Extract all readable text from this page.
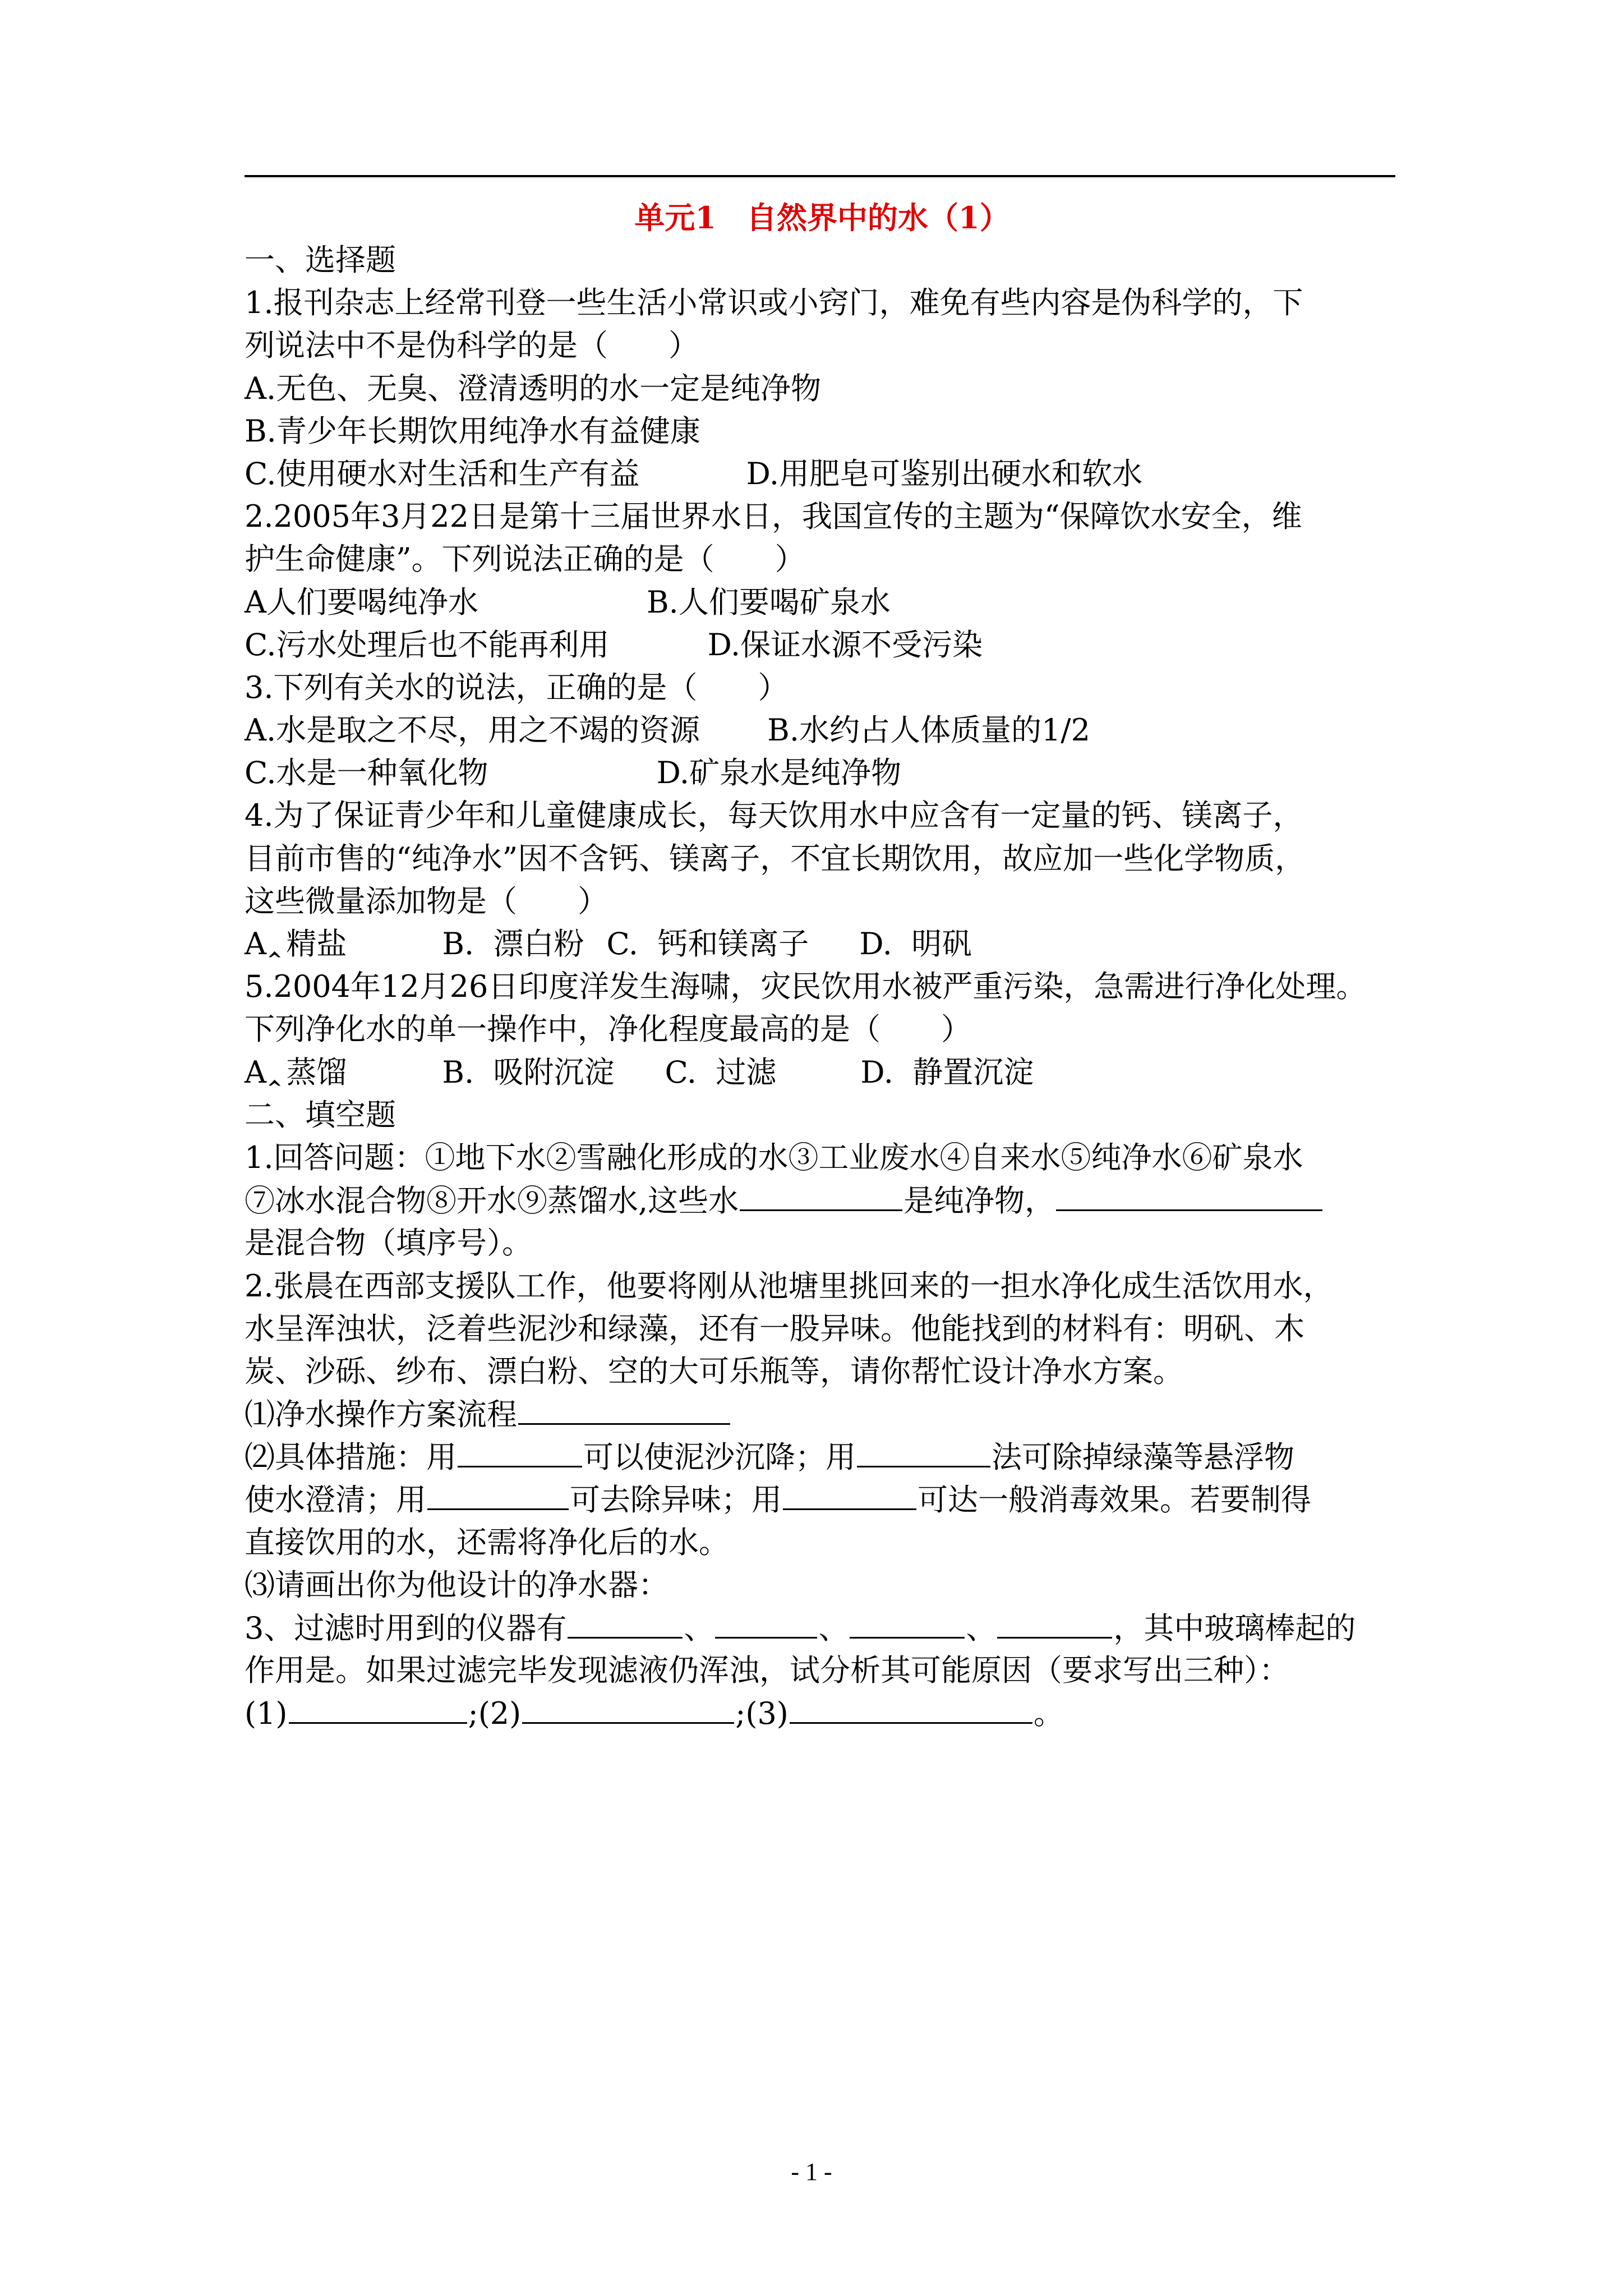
单元1　自然界中的水（1）
一、选择题
1.报刊杂志上经常刊登一些生活小常识或小窍门，难免有些内容是伪科学的，下
列说法中不是伪科学的是（　　）
A.无色、无臭、澄清透明的水一定是纯净物
B.青少年长期饮用纯净水有益健康
C.使用硬水对生活和生产有益	D.用肥皂可鉴别出硬水和软水
2.2005年3月22日是第十三届世界水日，我国宣传的主题为“保障饮水安全，维
护生命健康”。下列说法正确的是（　　）
A人们要喝纯净水	B.人们要喝矿泉水
C.污水处理后也不能再利用	D.保证水源不受污染
3.下列有关水的说法，正确的是（　　）
A.水是取之不尽，用之不竭的资源 B.水约占人体质量的1/2
C.水是一种氧化物	D.矿泉水是纯净物
4.为了保证青少年和儿童健康成长，每天饮用水中应含有一定量的钙、镁离子，
目前市售的“纯净水”因不含钙、镁离子，不宜长期饮用，故应加一些化学物质，
这些微量添加物是（　　）
A‸ 精盐	B.  漂白粉 C.  钙和镁离子 D.  明矾
5.2004年12月26日印度洋发生海啸，灾民饮用水被严重污染，急需进行净化处理。
下列净化水的单一操作中，净化程度最高的是（　　）
A‸ 蒸馏	B.  吸附沉淀 C.  过滤	D.  静置沉淀
二、填空题
1.回答问题：①地下水②雪融化形成的水③工业废水④自来水⑤纯净水⑥矿泉水
⑦冰水混合物⑧开水⑨蒸馏水,这些水	是纯净物，
是混合物（填序号）。
2.张晨在西部支援队工作，他要将刚从池塘里挑回来的一担水净化成生活饮用水，
水呈浑浊状，泛着些泥沙和绿藻，还有一股异味。他能找到的材料有：明矾、木
炭、沙砾、纱布、漂白粉、空的大可乐瓶等，请你帮忙设计净水方案。
⑴净水操作方案流程
⑵具体措施：用	可以使泥沙沉降；用	法可除掉绿藻等悬浮物
使水澄清；用	可去除异味；用	可达一般消毒效果。若要制得
直接饮用的水，还需将净化后的水。
⑶请画出你为他设计的净水器：
3、过滤时用到的仪器有	、	、	、	，其中玻璃棒起的
作用是。如果过滤完毕发现滤液仍浑浊，试分析其可能原因（要求写出三种）：
(1)	;(2)	;(3)	。
- 1 -
